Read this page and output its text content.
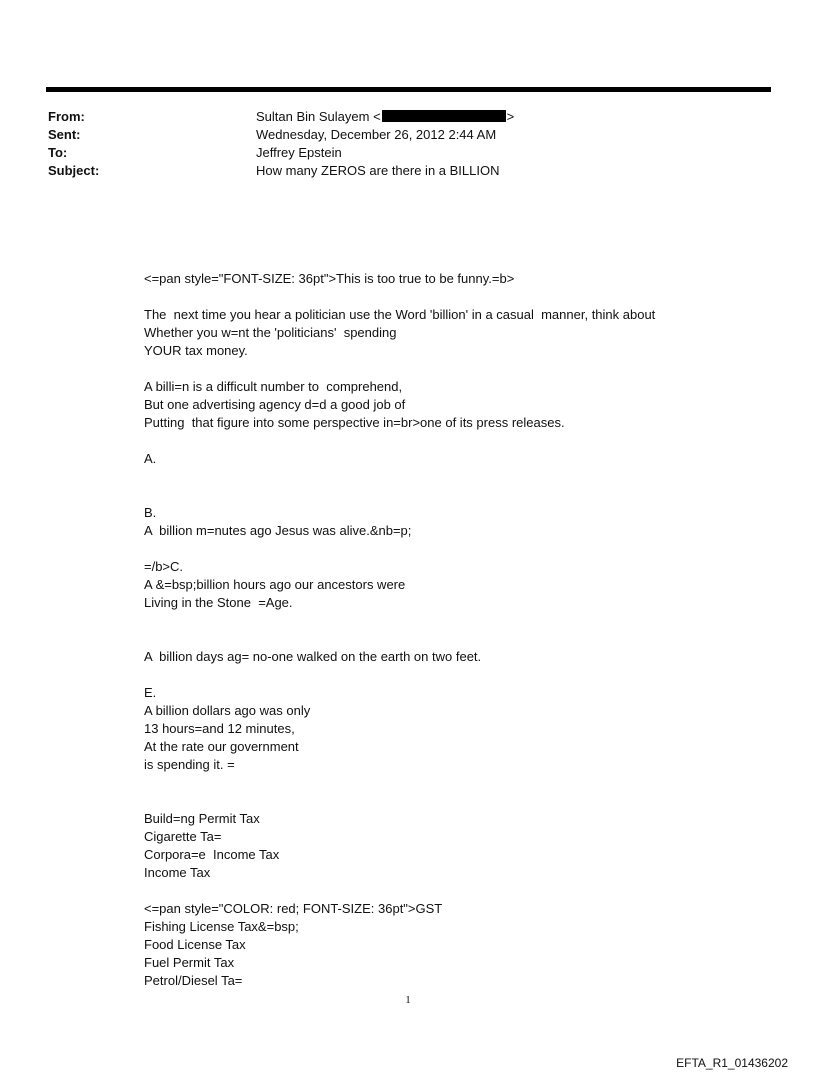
From:	Sultan Bin Sulayem <	>
Sent:	Wednesday, December 26, 2012 2:44 AM
To:	Jeffrey Epstein
Subject:	How many ZEROS are there in a BILLION
<=pan style="FONT-SIZE: 36pt">This is too true to be funny.=b>
The  next time you hear a politician use the Word 'billion' in a casual  manner, think about
Whether you w=nt the 'politicians'  spending
YOUR tax money.
A billi=n is a difficult number to  comprehend,
But one advertising agency d=d a good job of
Putting  that figure into some perspective in=br>one of its press releases.
A.
B.
A  billion m=nutes ago Jesus was alive.&nb=p;
=/b>C.
A &=bsp;billion hours ago our ancestors were
Living in the Stone  =Age.
A  billion days ag= no-one walked on the earth on two feet.
E.
A billion dollars ago was only
13 hours=and 12 minutes,
At the rate our government
is spending it. =
Build=ng Permit Tax
Cigarette Ta=
Corpora=e  Income Tax
Income Tax
<=pan style="COLOR: red; FONT-SIZE: 36pt">GST
Fishing License Tax&=bsp;
Food License Tax
Fuel Permit Tax
Petrol/Diesel Ta=
1
EFTA_R1_01436202
